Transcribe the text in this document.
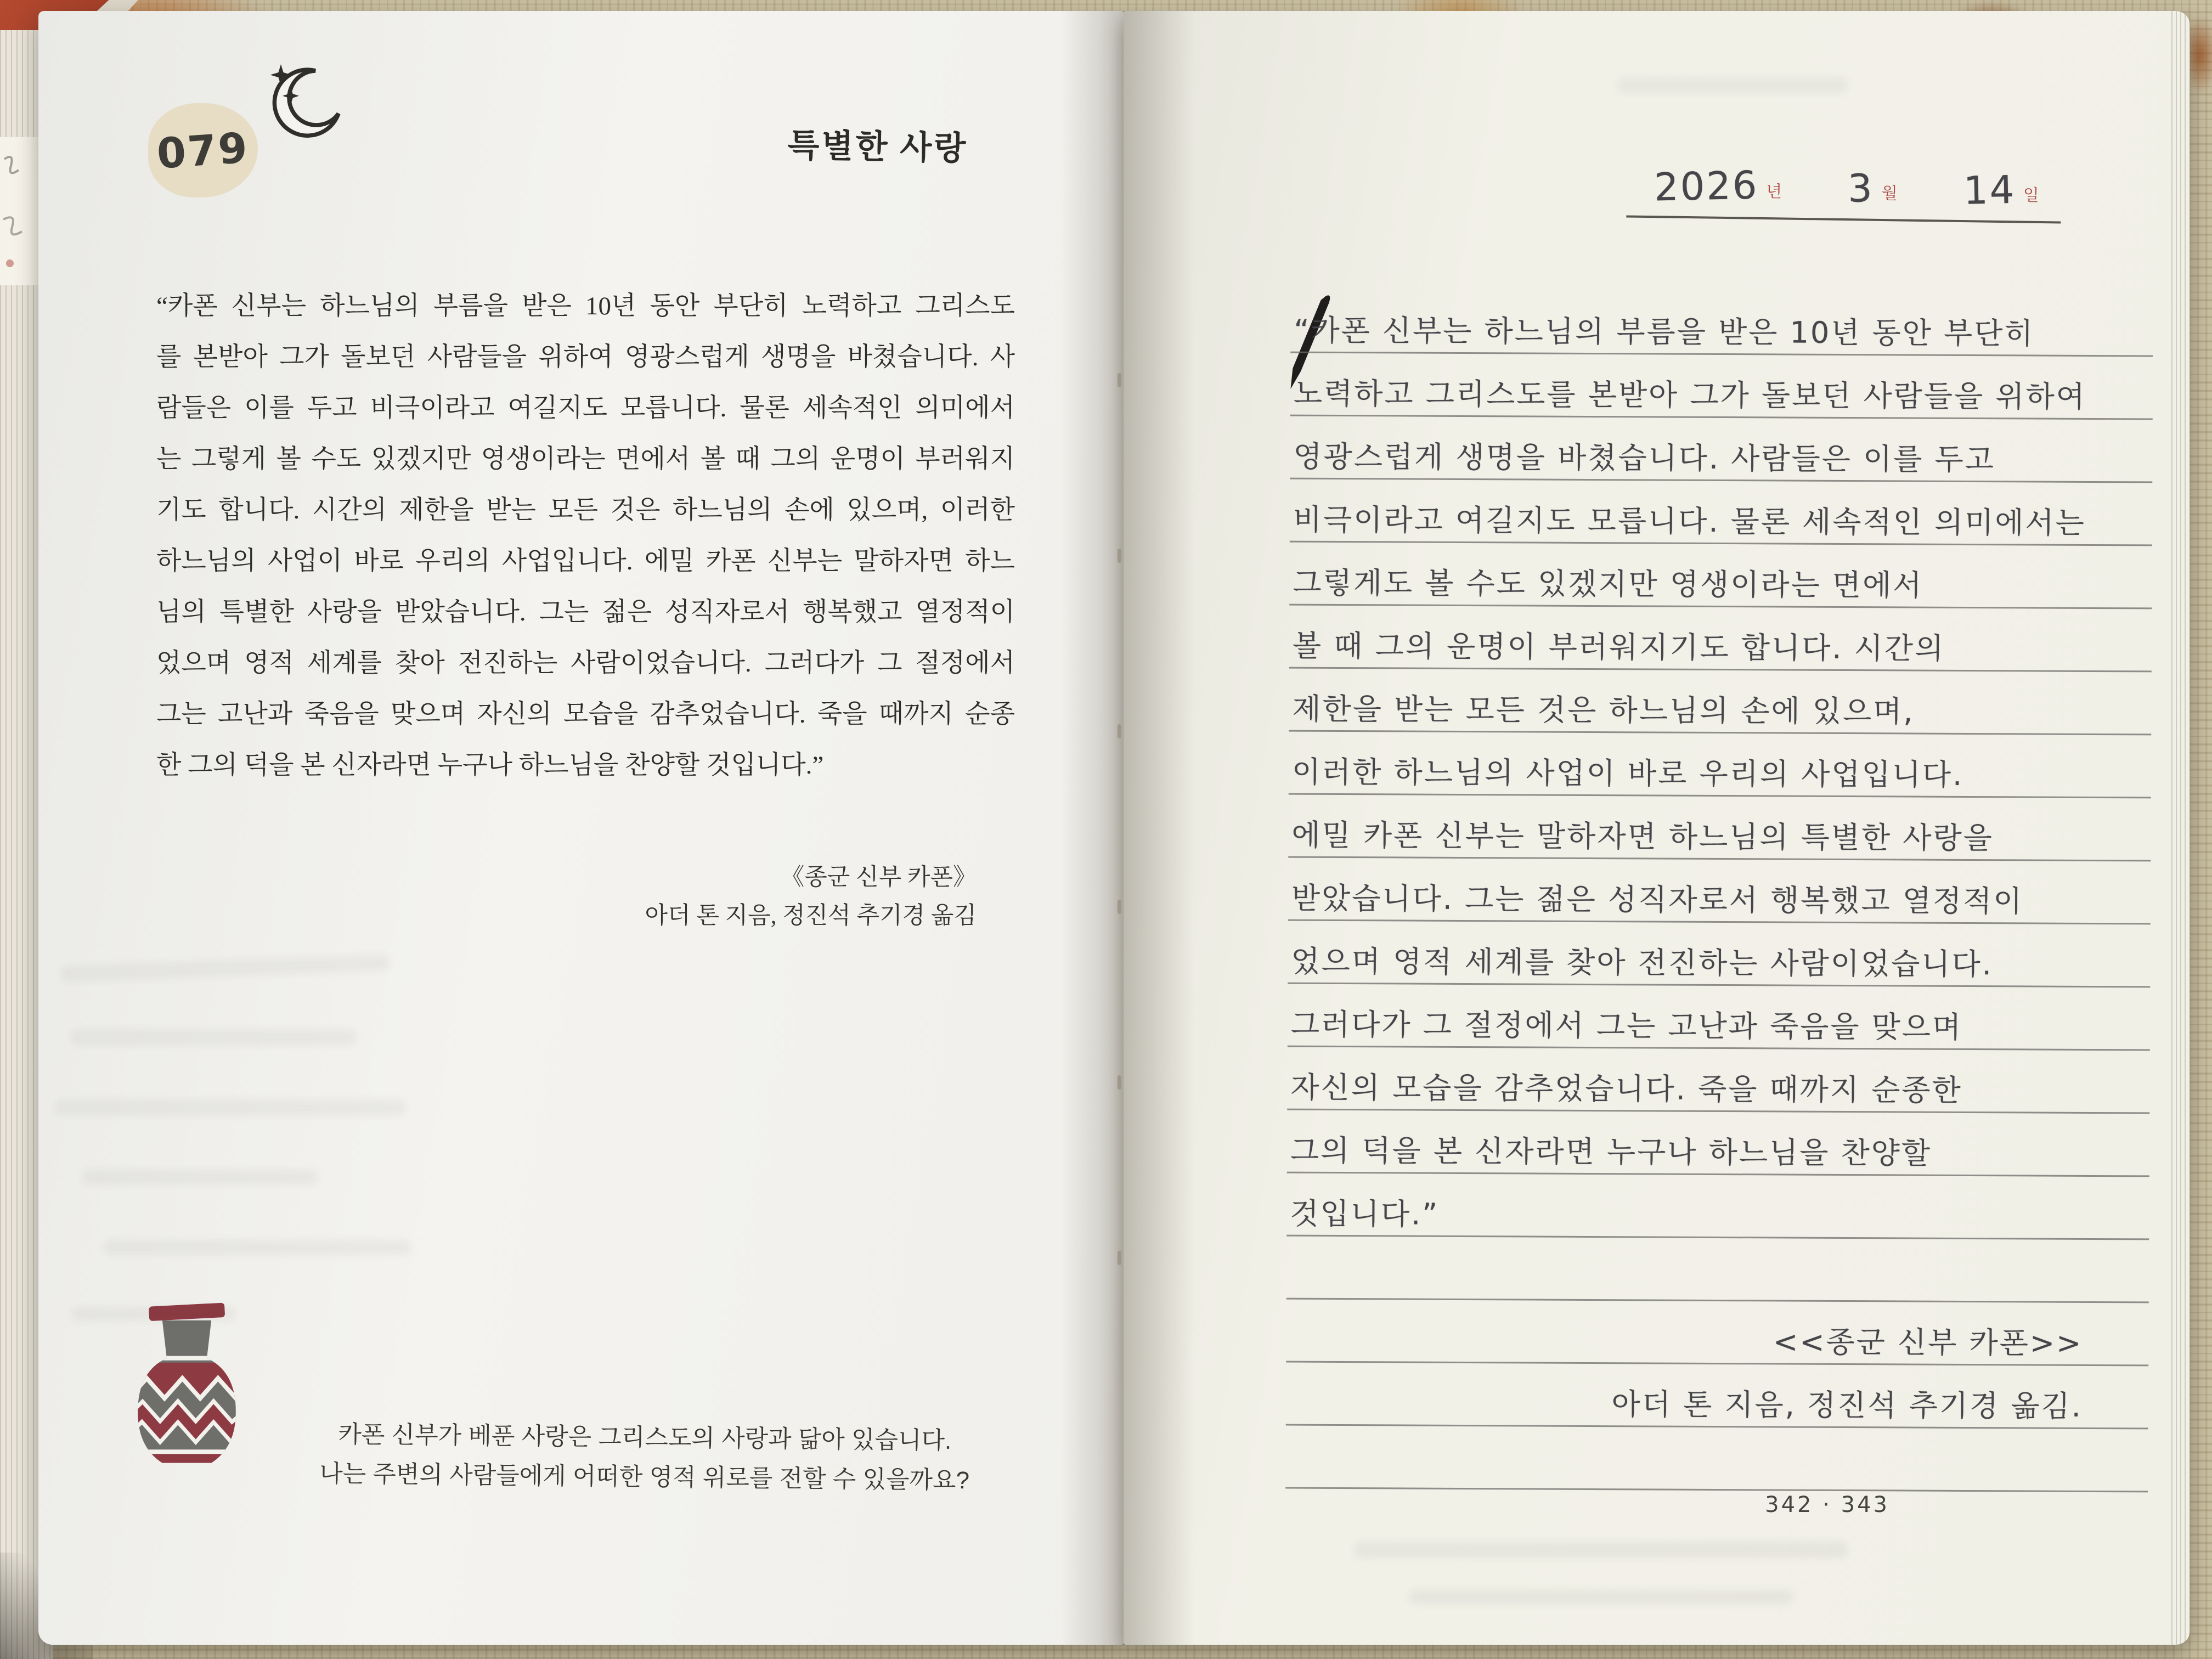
079	특별한 사랑
“카폰 신부는 하느님의 부름을 받은 10년 동안 부단히 노력하고 그리스도
를 본받아 그가 돌보던 사람들을 위하여 영광스럽게 생명을 바쳤습니다. 사
람들은 이를 두고 비극이라고 여길지도 모릅니다. 물론 세속적인 의미에서
는 그렇게 볼 수도 있겠지만 영생이라는 면에서 볼 때 그의 운명이 부러워지
기도 합니다. 시간의 제한을 받는 모든 것은 하느님의 손에 있으며, 이러한
하느님의 사업이 바로 우리의 사업입니다. 에밀 카폰 신부는 말하자면 하느
님의 특별한 사랑을 받았습니다. 그는 젊은 성직자로서 행복했고 열정적이
었으며 영적 세계를 찾아 전진하는 사람이었습니다. 그러다가 그 절정에서
그는 고난과 죽음을 맞으며 자신의 모습을 감추었습니다. 죽을 때까지 순종
한 그의 덕을 본 신자라면 누구나 하느님을 찬양할 것입니다.”
《종군 신부 카폰》
아더 톤 지음, 정진석 추기경 옮김
카폰 신부가 베푼 사랑은 그리스도의 사랑과 닮아 있습니다.
나는 주변의 사람들에게 어떠한 영적 위로를 전할 수 있을까요?
2026 년 3 월 14 일
“카폰 신부는 하느님의 부름을 받은 10년 동안 부단히
노력하고 그리스도를 본받아 그가 돌보던 사람들을 위하여
영광스럽게 생명을 바쳤습니다. 사람들은 이를 두고
비극이라고 여길지도 모릅니다. 물론 세속적인 의미에서는
그렇게도 볼 수도 있겠지만 영생이라는 면에서
볼 때 그의 운명이 부러워지기도 합니다. 시간의
제한을 받는 모든 것은 하느님의 손에 있으며,
이러한 하느님의 사업이 바로 우리의 사업입니다.
에밀 카폰 신부는 말하자면 하느님의 특별한 사랑을
받았습니다. 그는 젊은 성직자로서 행복했고 열정적이
었으며 영적 세계를 찾아 전진하는 사람이었습니다.
그러다가 그 절정에서 그는 고난과 죽음을 맞으며
자신의 모습을 감추었습니다. 죽을 때까지 순종한
그의 덕을 본 신자라면 누구나 하느님을 찬양할
것입니다.”
<<종군 신부 카폰>>
아더 톤 지음, 정진석 추기경 옮김.
342 · 343
